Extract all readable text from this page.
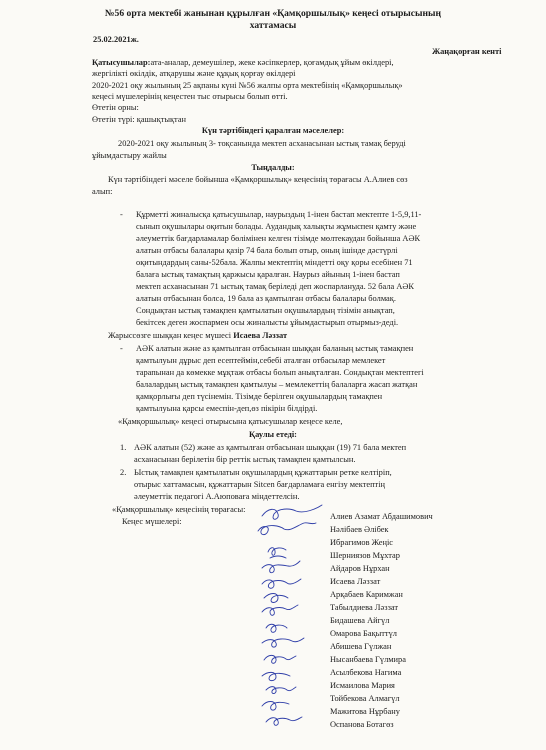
№56 орта мектебі жанынан құрылған «Қамқоршылық» кеңесі отырысының
хаттамасы
25.02.2021ж.
Жаңақорған кенті
Қатысушылар:ата-аналар, демеушілер, жеке кәсіпкерлер, қоғамдық ұйым өкілдері,
жергілікті өкілдік, атқарушы және құқық қорғау өкілдері
2020-2021 оқу жылының 25 ақпаны күні №56 жалпы орта мектебінің «Қамқоршылық»
кеңесі мүшелерінің кеңестен тыс отырысы болып өтті.
Өтетін орны:
Өтетін түрі: қашықтықтан
Күн тәртібіндегі қаралған мәселелер:
2020-2021 оқу жылының 3- тоқсанында мектеп асханасынан ыстық тамақ беруді
ұйымдастыру жайлы
Тыңдалды:
Күн тәртібіндегі мәселе бойынша «Қамқоршылық» кеңесінің төрағасы А.Алиев сөз
алып:
- Құрметті жиналысқа қатысушылар, наурыздың 1-інен бастап мектепте 1-5,9,11-
сынып оқушылары оқитын болады. Аудандық халықты жұмыспен қамту және
әлеуметтік бағдарламалар бөлімінен келген тізімде мөлтекаудан бойынша АӘК
алатын отбасы балалары қазір 74 бала болып отыр, оның ішінде дәстүрлі
оқитындардың саны-52бала. Жалпы мектептің міндетті оқу қоры есебінен 71
балаға ыстық тамақтың қаржысы қаралған. Наурыз айының 1-інен бастап
мектеп асханасынан 71 ыстық тамақ беріледі деп жоспарланудa. 52 бала АӘК
алатын отбасынан болса, 19 бала аз қамтылған отбасы балалары болмақ.
Сондықтан ыстық тамақпен қамтылатын оқушылардың тізімін анықтап,
бекітсек деген жоспармен осы жиналысты ұйымдастырып отырмыз-деді.
Жарыссөзге шыққан кеңес мүшесі Исаева Ләззат
- АӘК алатын және аз қамтылған отбасынан шыққан баланың ыстық тамақпен
қамтылуын дұрыс деп есептеймін,себебі аталған отбасылар мемлекет
тарапынан да көмекке мұқтаж отбасы болып анықталған. Сондықтан мектептегі
балалардың ыстық тамақпен қамтылуы – мемлекеттің балаларға жасап жатқан
қамқорлығы деп түсінемін. Тізімде берілген оқушылардың тамақпен
қамтылуына қарсы емеспін-деп,өз пікірін білдірді.
«Қамқоршылық» кеңесі отырысына қатысушылар кеңесе келе,
Қаулы етеді:
1. АӘК алатын (52) және аз қамтылған отбасынан шыққан (19) 71 бала мектеп
асханасынан берілетін бір реттік ыстық тамақпен қамтылсын.
2. Ыстық тамақпен қамтылатын оқушылардың құжаттарын ретке келтіріп,
отырыс хаттамасын, құжаттарын Sitcen бағдарламаға енгізу мектептің
әлеуметтік педагогі А.Аюповаға міндеттелсін.
«Қамқоршылық» кеңесінің төрағасы:
Кеңес мүшелері:
Алиев Азамат Абдашимович
Нәлібаев Әлібек
Ибрагимов Жеңіс
Шерниязов Мұхтар
Айдаров Нұрхан
Исаева Ләззат
Арқабаев Каримжан
Табылдиева Ләззат
Бидашева Айгүл
Омарова Бақыттүл
Абишева Гүлжан
Нысанбаева Гүлмира
Асылбекова Нагима
Исмаилова Мария
Тойбекова Алмагүл
Мажитова Нұрбану
Оспанова Ботагөз
